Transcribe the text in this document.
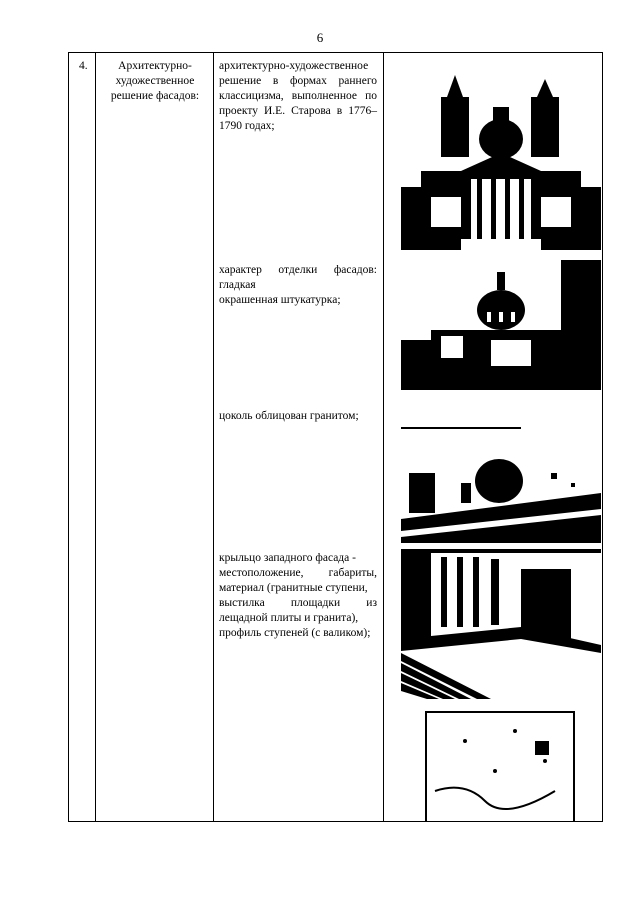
6
4.	Архитектурно-
художественное
решение фасадов:
архитектурно-художественное
решение в формах раннего
классицизма, выполненное по
проекту И.Е. Старова в 1776–
1790 годах;
характер отделки фасадов:
гладкая
окрашенная штукатурка;
цоколь облицован гранитом;
крыльцо западного фасада -
местоположение, габариты,
материал (гранитные ступени,
выстилка площадки из
лещадной плиты и гранита),
профиль ступеней (с валиком);
